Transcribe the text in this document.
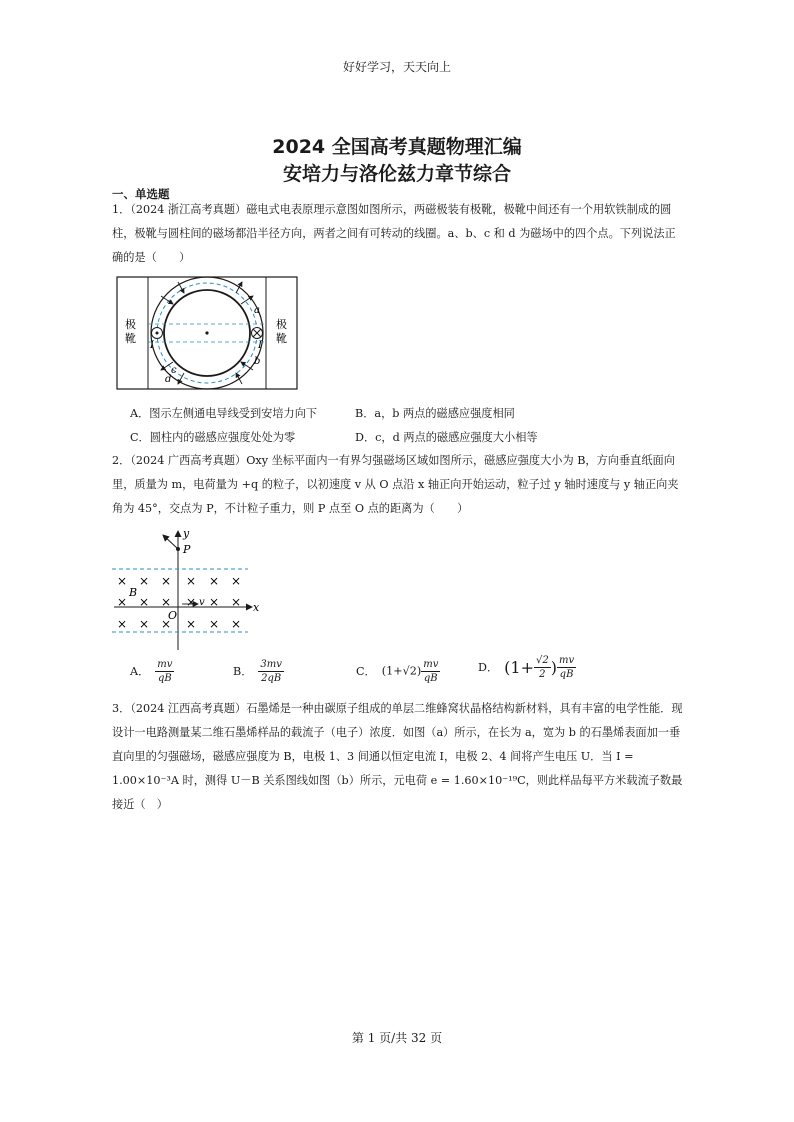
好好学习，天天向上
2024 全国高考真题物理汇编
安培力与洛伦兹力章节综合
一、单选题
1．（2024 浙江高考真题）磁电式电表原理示意图如图所示，两磁极装有极靴，极靴中间还有一个用软铁制成的圆柱，极靴与圆柱间的磁场都沿半径方向，两者之间有可转动的线圈。a、b、c 和 d 为磁场中的四个点。下列说法正确的是（　　）
极
靴
极
靴
I	I
a
b
c
d
A．图示左侧通电导线受到安培力向下	B．a，b 两点的磁感应强度相同
C．圆柱内的磁感应强度处处为零	D．c，d 两点的磁感应强度大小相等
2．（2024 广西高考真题）Oxy 坐标平面内一有界匀强磁场区域如图所示，磁感应强度大小为 B，方向垂直纸面向里，质量为 m，电荷量为 +q 的粒子，以初速度 v 从 O 点沿 x 轴正向开始运动，粒子过 y 轴时速度与 y 轴正向夹角为 45°，交点为 P，不计粒子重力，则 P 点至 O 点的距离为（　　）
× × × × × ×
× × × × × ×
× × × × × ×
y
x
P
B
O
v
A． $\frac{mv}{qB}$	B． $\frac{3mv}{2qB}$	C． $(1+√2) \frac{mv}{qB}$	D． ($1+ \frac{√2}{2}$ ) $\frac{mv}{qB}$
3．（2024 江西高考真题）石墨烯是一种由碳原子组成的单层二维蜂窝状晶格结构新材料，具有丰富的电学性能．现设计一电路测量某二维石墨烯样品的载流子（电子）浓度．如图（a）所示，在长为 a，宽为 b 的石墨烯表面加一垂直向里的匀强磁场，磁感应强度为 B，电极 1、3 间通以恒定电流 I，电极 2、4 间将产生电压 U．当 I = 1.00×10⁻³A 时，测得 U－B 关系图线如图（b）所示，元电荷 e = 1.60×10⁻¹⁹C，则此样品每平方米载流子数最接近（　）
第 1 页/共 32 页
